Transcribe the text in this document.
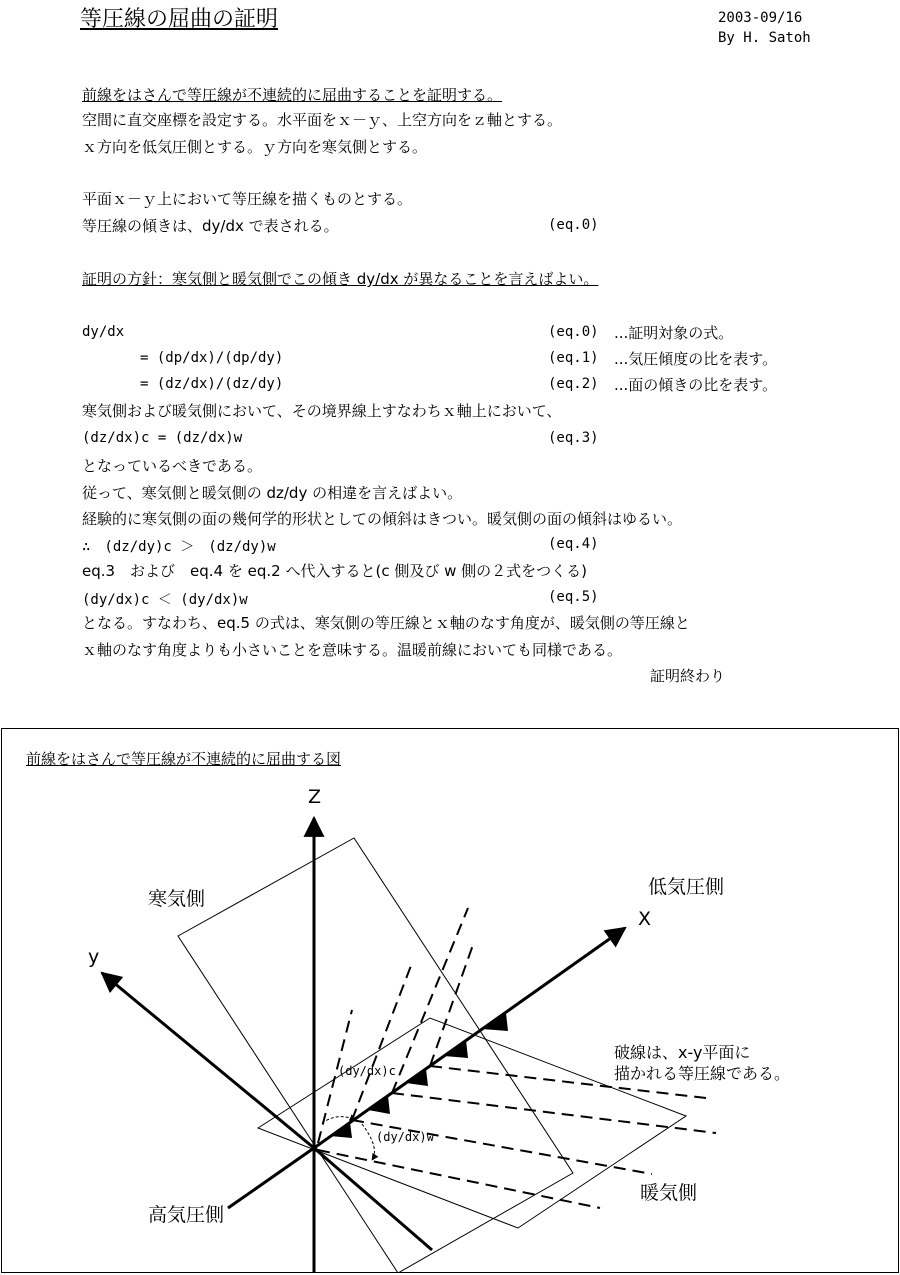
等圧線の屈曲の証明	2003-09/16
By H. Satoh
前線をはさんで等圧線が不連続的に屈曲することを証明する。
空間に直交座標を設定する。水平面をｘ－ｙ、上空方向をｚ軸とする。
ｘ方向を低気圧側とする。ｙ方向を寒気側とする。
平面ｘ－ｙ上において等圧線を描くものとする。
等圧線の傾きは、dy/dx で表される。	(eq.0)
証明の方針：寒気側と暖気側でこの傾き dy/dx が異なることを言えばよい。
dy/dx	(eq.0) ...証明対象の式。
= (dp/dx)/(dp/dy)	(eq.1) ...気圧傾度の比を表す。
= (dz/dx)/(dz/dy)	(eq.2) ...面の傾きの比を表す。
寒気側および暖気側において、その境界線上すなわちｘ軸上において、
(dz/dx)c = (dz/dx)w	(eq.3)
となっているべきである。
従って、寒気側と暖気側の dz/dy の相違を言えばよい。
経験的に寒気側の面の幾何学的形状としての傾斜はきつい。暖気側の面の傾斜はゆるい。
∴　(dz/dy)c ＞　(dz/dy)w	(eq.4)
eq.3　および　eq.4 を eq.2 へ代入すると(c 側及び w 側の２式をつくる)
(dy/dx)c ＜ (dy/dx)w	(eq.5)
となる。すなわち、eq.5 の式は、寒気側の等圧線とｘ軸のなす角度が、暖気側の等圧線と
ｘ軸のなす角度よりも小さいことを意味する。温暖前線においても同様である。
証明終わり
前線をはさんで等圧線が不連続的に屈曲する図
Z
X
y
寒気側
低気圧側
暖気側
高気圧側
(dy/dx)c
(dy/dx)w
破線は、x-y平面に
描かれる等圧線である。
